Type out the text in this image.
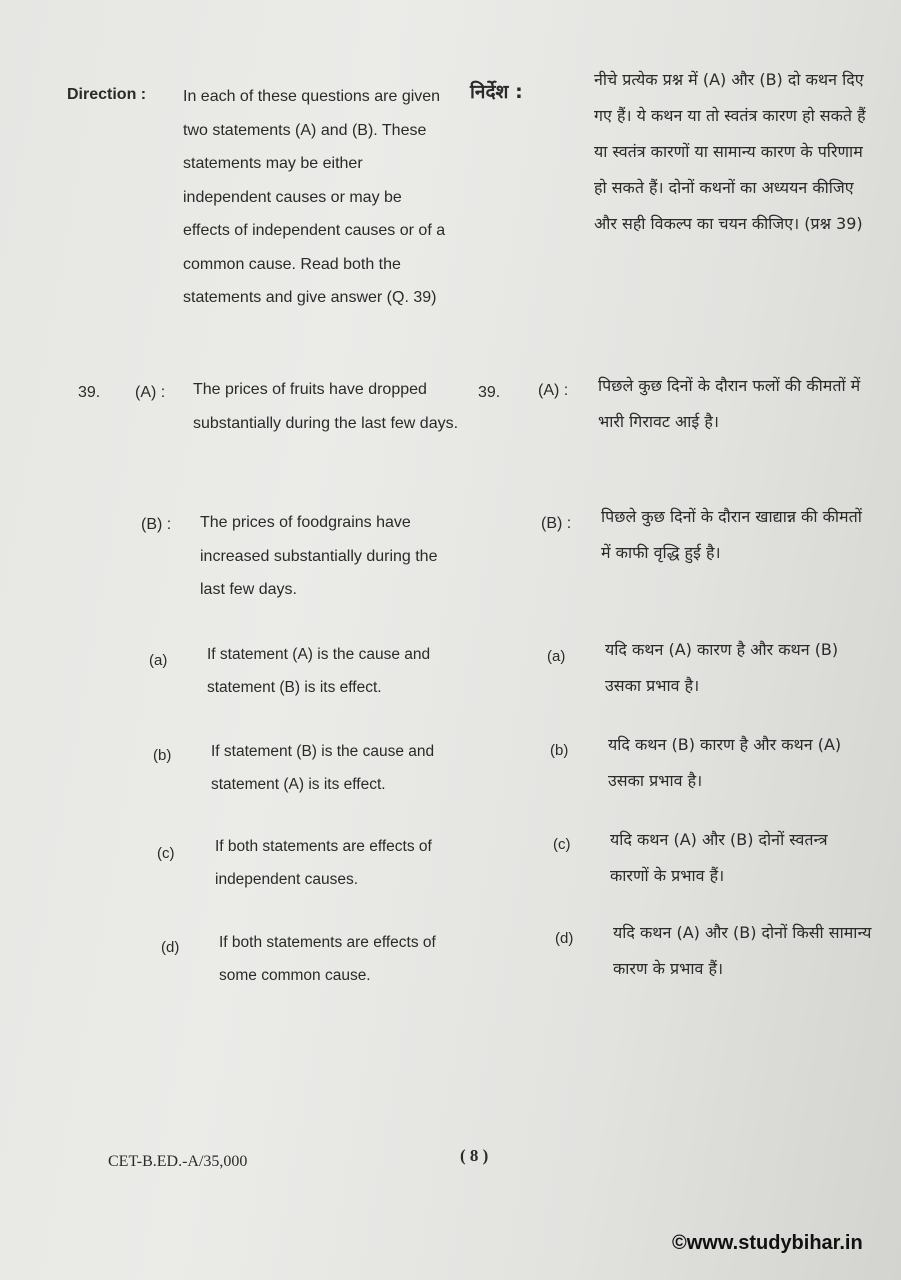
Direction : In each of these questions are given two statements (A) and (B). These statements may be either independent causes or may be effects of independent causes or of a common cause. Read both the statements and give answer (Q. 39)
39. (A) : The prices of fruits have dropped substantially during the last few days.
(B) : The prices of foodgrains have increased substantially during the last few days.
(a)	If statement (A) is the cause and statement (B) is its effect.
(b)	If statement (B) is the cause and statement (A) is its effect.
(c)	If both statements are effects of independent causes.
(d)	If both statements are effects of some common cause.
निर्देश :
नीचे प्रत्येक प्रश्न में (A) और (B) दो कथन दिए गए हैं। ये कथन या तो स्वतंत्र कारण हो सकते हैं या स्वतंत्र कारणों या सामान्य कारण के परिणाम हो सकते हैं। दोनों कथनों का अध्ययन कीजिए और सही विकल्प का चयन कीजिए। (प्रश्न 39)
39. (A) : पिछले कुछ दिनों के दौरान फलों की कीमतों में भारी गिरावट आई है।
(B) : पिछले कुछ दिनों के दौरान खाद्यान्न की कीमतों में काफी वृद्धि हुई है।
(a) यदि कथन (A) कारण है और कथन (B) उसका प्रभाव है।
(b) यदि कथन (B) कारण है और कथन (A) उसका प्रभाव है।
(c) यदि कथन (A) और (B) दोनों स्वतन्त्र कारणों के प्रभाव हैं।
(d) यदि कथन (A) और (B) दोनों किसी सामान्य कारण के प्रभाव हैं।
CET-B.ED.-A/35,000	( 8 )
©www.studybihar.in
